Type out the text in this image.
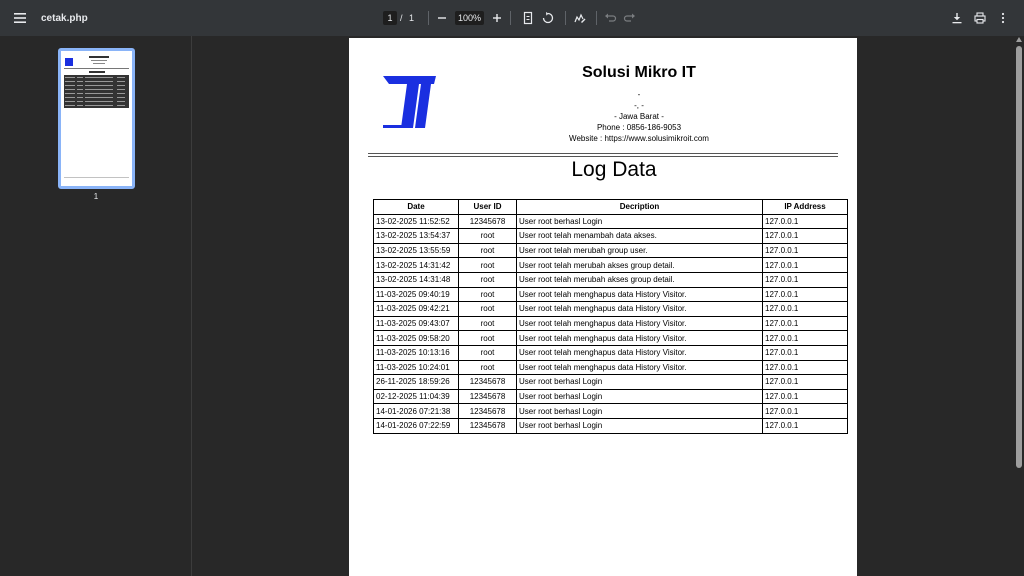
cetak.php	1 / 1	100%
1
Solusi Mikro IT
-
-, -
- Jawa Barat -
Phone : 0856-186-9053
Website : https://www.solusimikroit.com
Log Data
Date	User ID	Decription	IP Address
13-02-2025 11:52:52	12345678	User root berhasl Login	127.0.0.1
13-02-2025 13:54:37	root	User root telah menambah data akses.	127.0.0.1
13-02-2025 13:55:59	root	User root telah merubah group user.	127.0.0.1
13-02-2025 14:31:42	root	User root telah merubah akses group detail.	127.0.0.1
13-02-2025 14:31:48	root	User root telah merubah akses group detail.	127.0.0.1
11-03-2025 09:40:19	root	User root telah menghapus data History Visitor.	127.0.0.1
11-03-2025 09:42:21	root	User root telah menghapus data History Visitor.	127.0.0.1
11-03-2025 09:43:07	root	User root telah menghapus data History Visitor.	127.0.0.1
11-03-2025 09:58:20	root	User root telah menghapus data History Visitor.	127.0.0.1
11-03-2025 10:13:16	root	User root telah menghapus data History Visitor.	127.0.0.1
11-03-2025 10:24:01	root	User root telah menghapus data History Visitor.	127.0.0.1
26-11-2025 18:59:26	12345678	User root berhasl Login	127.0.0.1
02-12-2025 11:04:39	12345678	User root berhasl Login	127.0.0.1
14-01-2026 07:21:38	12345678	User root berhasl Login	127.0.0.1
14-01-2026 07:22:59	12345678	User root berhasl Login	127.0.0.1
